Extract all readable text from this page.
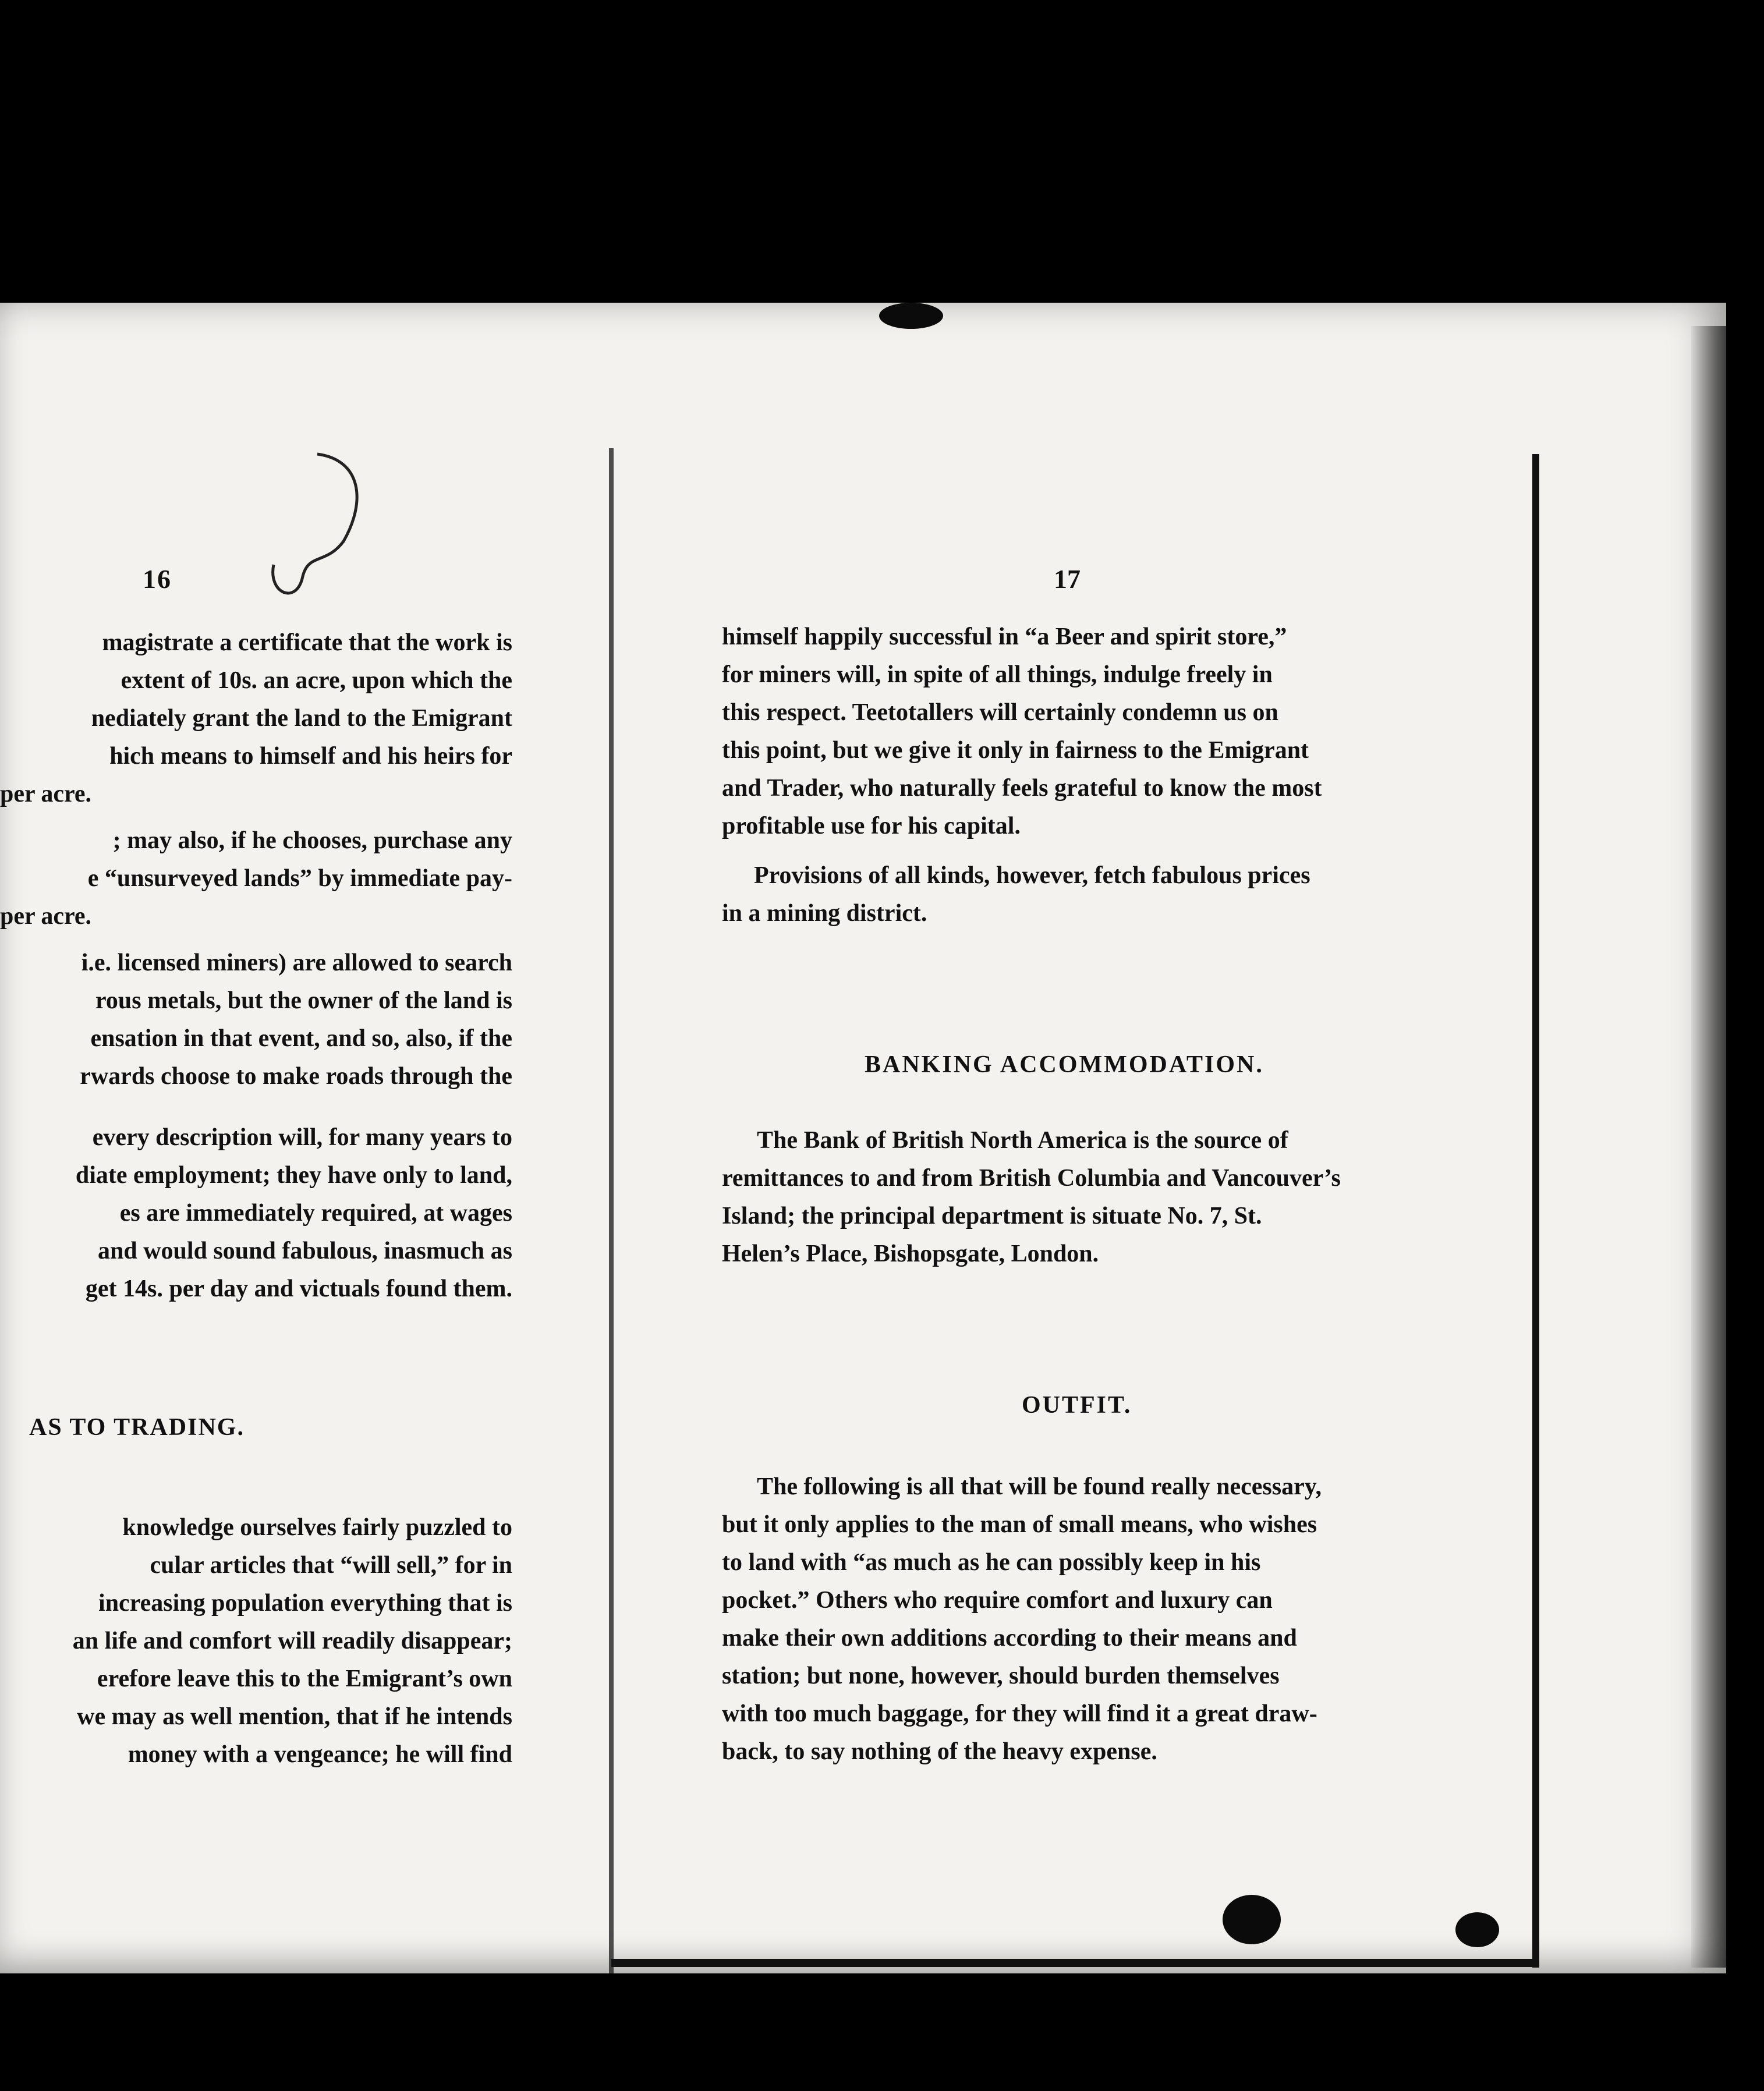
16
magistrate a certificate that the work is
extent of 10s. an acre, upon which the
nediately grant the land to the Emigrant
hich means to himself and his heirs for
per acre.
; may also, if he chooses, purchase any
e “unsurveyed lands” by immediate pay-
per acre.
i.e. licensed miners) are allowed to search
rous metals, but the owner of the land is
ensation in that event, and so, also, if the
rwards choose to make roads through the
every description will, for many years to
diate employment; they have only to land,
es are immediately required, at wages
and would sound fabulous, inasmuch as
get 14s. per day and victuals found them.
AS TO TRADING.
knowledge ourselves fairly puzzled to
cular articles that “will sell,” for in
increasing population everything that is
an life and comfort will readily disappear;
erefore leave this to the Emigrant’s own
we may as well mention, that if he intends
money with a vengeance; he will find
17
himself happily successful in “a Beer and spirit store,”
for miners will, in spite of all things, indulge freely in
this respect. Teetotallers will certainly condemn us on
this point, but we give it only in fairness to the Emigrant
and Trader, who naturally feels grateful to know the most
profitable use for his capital.
Provisions of all kinds, however, fetch fabulous prices
in a mining district.
BANKING ACCOMMODATION.
The Bank of British North America is the source of
remittances to and from British Columbia and Vancouver’s
Island; the principal department is situate No. 7, St.
Helen’s Place, Bishopsgate, London.
OUTFIT.
The following is all that will be found really necessary,
but it only applies to the man of small means, who wishes
to land with “as much as he can possibly keep in his
pocket.” Others who require comfort and luxury can
make their own additions according to their means and
station; but none, however, should burden themselves
with too much baggage, for they will find it a great draw-
back, to say nothing of the heavy expense.
